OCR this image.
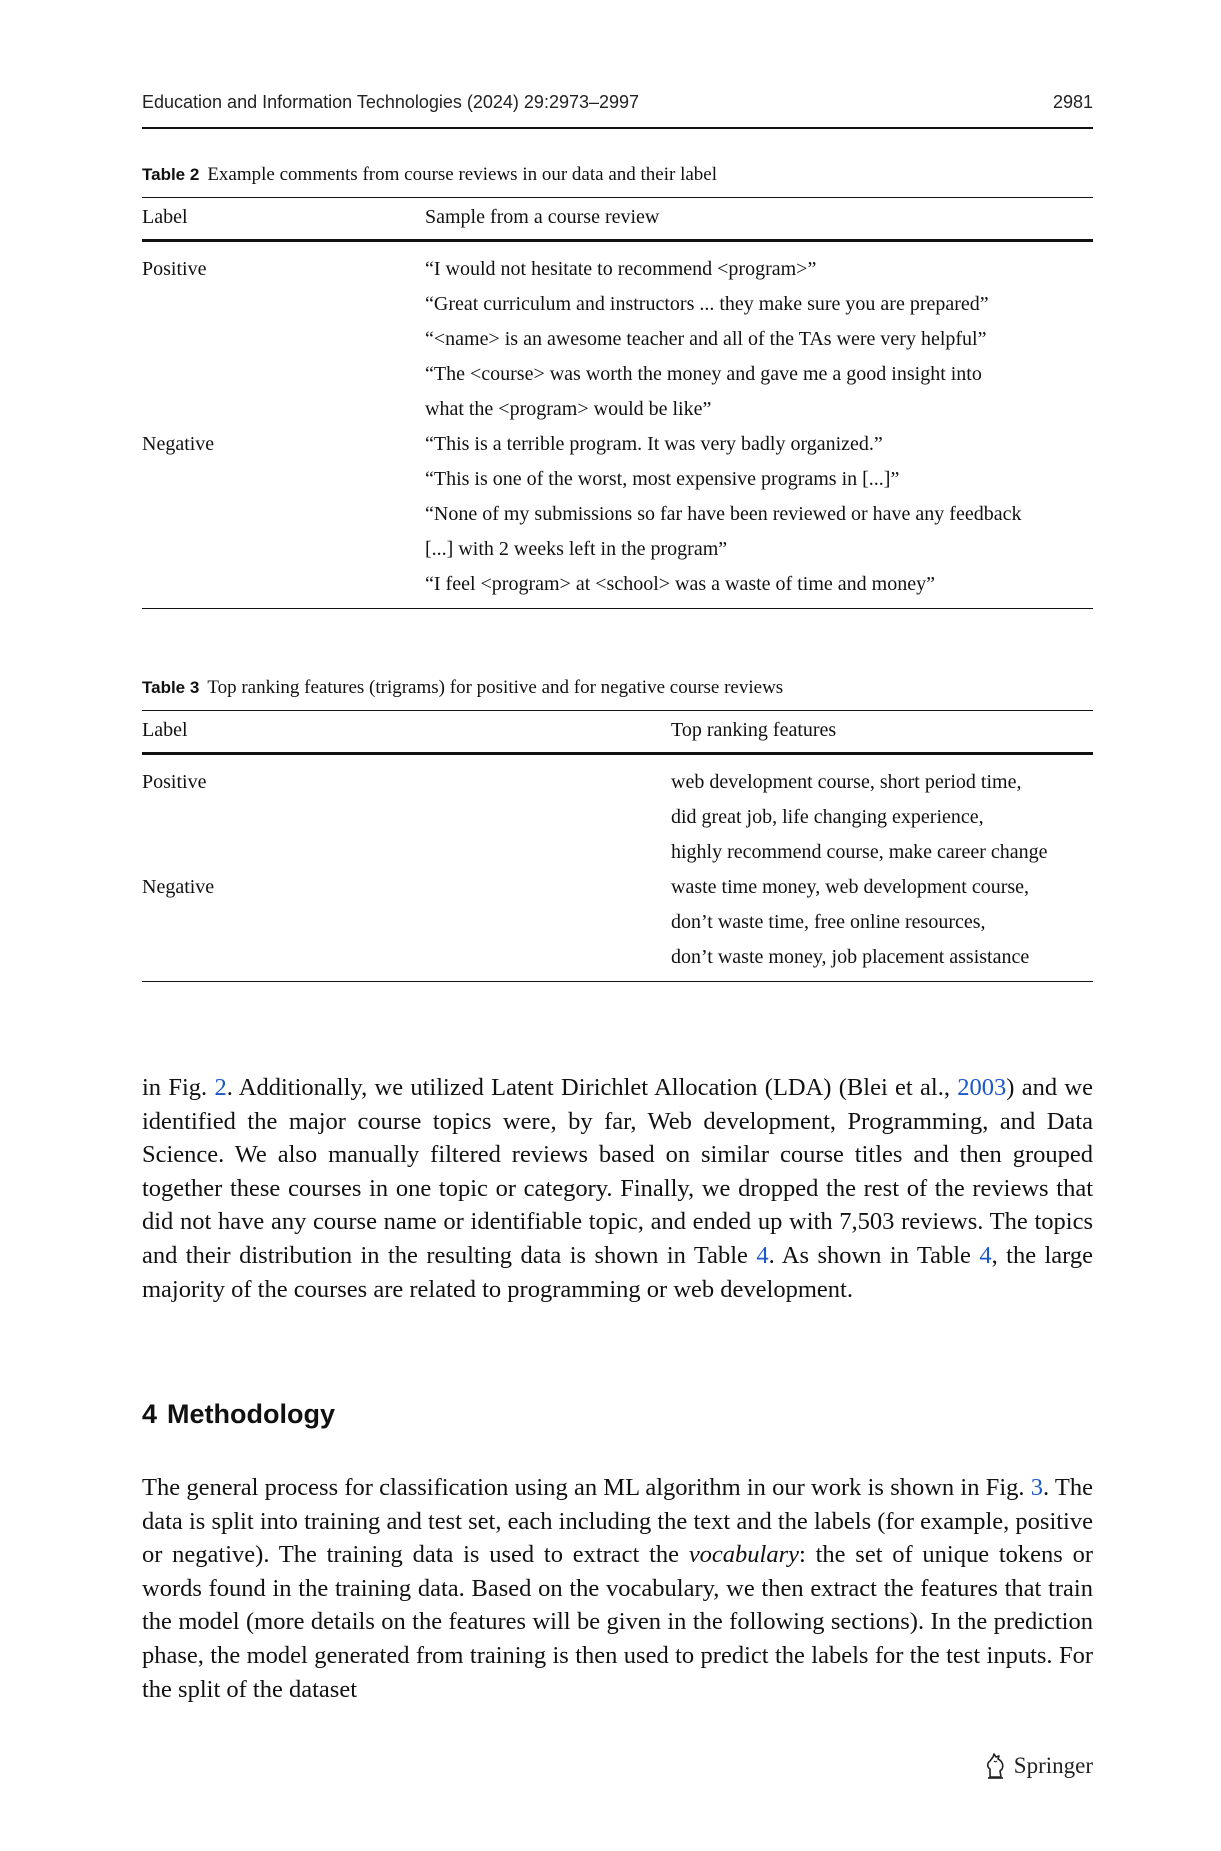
Education and Information Technologies (2024) 29:2973–2997	2981
Table 2 Example comments from course reviews in our data and their label
Label	Sample from a course review
Positive	“I would not hesitate to recommend <program>”
“Great curriculum and instructors ... they make sure you are prepared”
“<name> is an awesome teacher and all of the TAs were very helpful”
“The <course> was worth the money and gave me a good insight into
what the <program> would be like”

Negative	“This is a terrible program. It was very badly organized.”
“This is one of the worst, most expensive programs in [...]”
“None of my submissions so far have been reviewed or have any feedback
[...] with 2 weeks left in the program”
“I feel <program> at <school> was a waste of time and money”
Table 3 Top ranking features (trigrams) for positive and for negative course reviews
Label	Top ranking features
Positive	web development course, short period time,
did great job, life changing experience,
highly recommend course, make career change

Negative	waste time money, web development course,
don’t waste time, free online resources,
don’t waste money, job placement assistance

in Fig. 2. Additionally, we utilized Latent Dirichlet Allocation (LDA) (Blei et al., 2003) and we identified the major course topics were, by far, Web development, Programming, and Data Science. We also manually filtered reviews based on similar course titles and then grouped together these courses in one topic or category. Finally, we dropped the rest of the reviews that did not have any course name or identifiable topic, and ended up with 7,503 reviews. The topics and their distribution in the resulting data is shown in Table 4. As shown in Table 4, the large majority of the courses are related to programming or web development.

4 Methodology

The general process for classification using an ML algorithm in our work is shown in Fig. 3. The data is split into training and test set, each including the text and the labels (for example, positive or negative). The training data is used to extract the vocabulary: the set of unique tokens or words found in the training data. Based on the vocabulary, we then extract the features that train the model (more details on the features will be given in the following sections). In the prediction phase, the model generated from training is then used to predict the labels for the test inputs. For the split of the dataset

Springer
